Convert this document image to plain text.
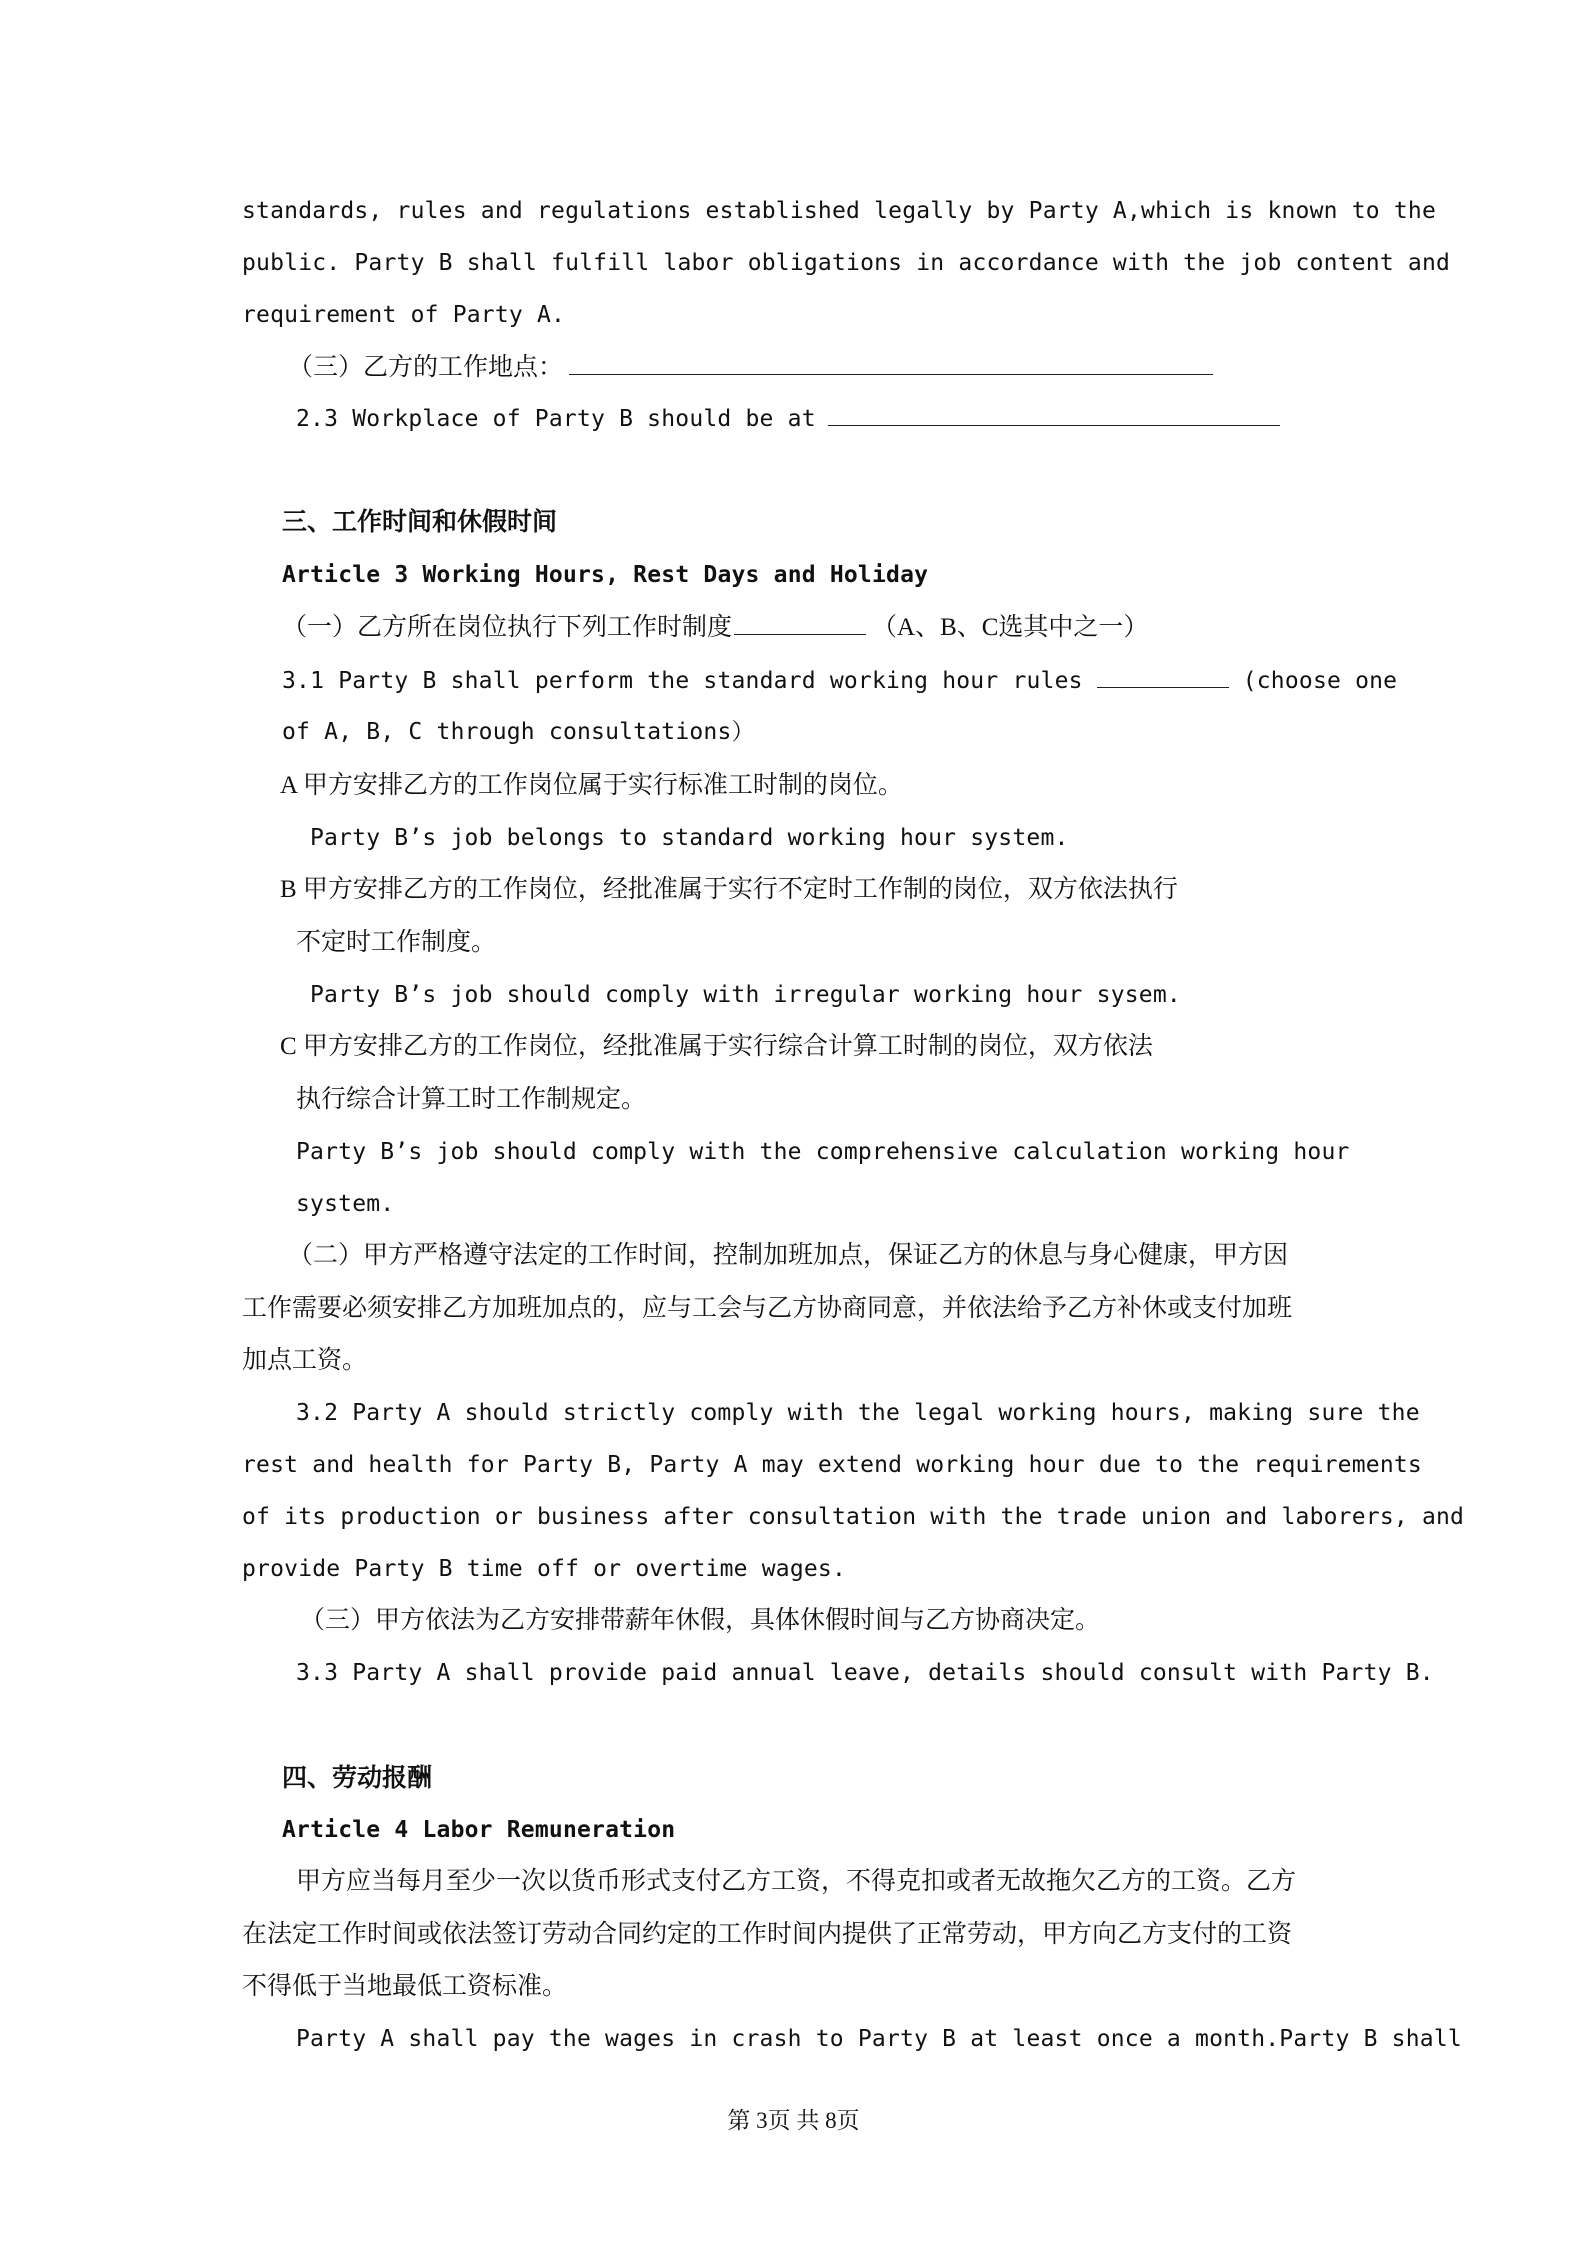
standards, rules and regulations established legally by Party A,which is known to the
public. Party B shall fulfill labor obligations in accordance with the job content and
requirement of Party A.
（三）乙方的工作地点：
2.3 Workplace of Party B should be at
三、工作时间和休假时间
Article 3 Working Hours, Rest Days and Holiday
（一）乙方所在岗位执行下列工作时制度	（A、B、C选其中之一）
3.1 Party B shall perform the standard working hour rules	(choose one
of A, B, C through consultations）
A 甲方安排乙方的工作岗位属于实行标准工时制的岗位。
Party B’s job belongs to standard working hour system.
B 甲方安排乙方的工作岗位，经批准属于实行不定时工作制的岗位，双方依法执行
不定时工作制度。
Party B’s job should comply with irregular working hour sysem.
C 甲方安排乙方的工作岗位，经批准属于实行综合计算工时制的岗位，双方依法
执行综合计算工时工作制规定。
Party B’s job should comply with the comprehensive calculation working hour
system.
（二）甲方严格遵守法定的工作时间，控制加班加点，保证乙方的休息与身心健康，甲方因
工作需要必须安排乙方加班加点的，应与工会与乙方协商同意，并依法给予乙方补休或支付加班
加点工资。
3.2 Party A should strictly comply with the legal working hours, making sure the
rest and health for Party B, Party A may extend working hour due to the requirements
of its production or business after consultation with the trade union and laborers, and
provide Party B time off or overtime wages.
（三）甲方依法为乙方安排带薪年休假，具体休假时间与乙方协商决定。
3.3 Party A shall provide paid annual leave, details should consult with Party B.
四、劳动报酬
Article 4 Labor Remuneration
甲方应当每月至少一次以货币形式支付乙方工资，不得克扣或者无故拖欠乙方的工资。乙方
在法定工作时间或依法签订劳动合同约定的工作时间内提供了正常劳动，甲方向乙方支付的工资
不得低于当地最低工资标准。
Party A shall pay the wages in crash to Party B at least once a month.Party B shall
第 3页 共 8页
